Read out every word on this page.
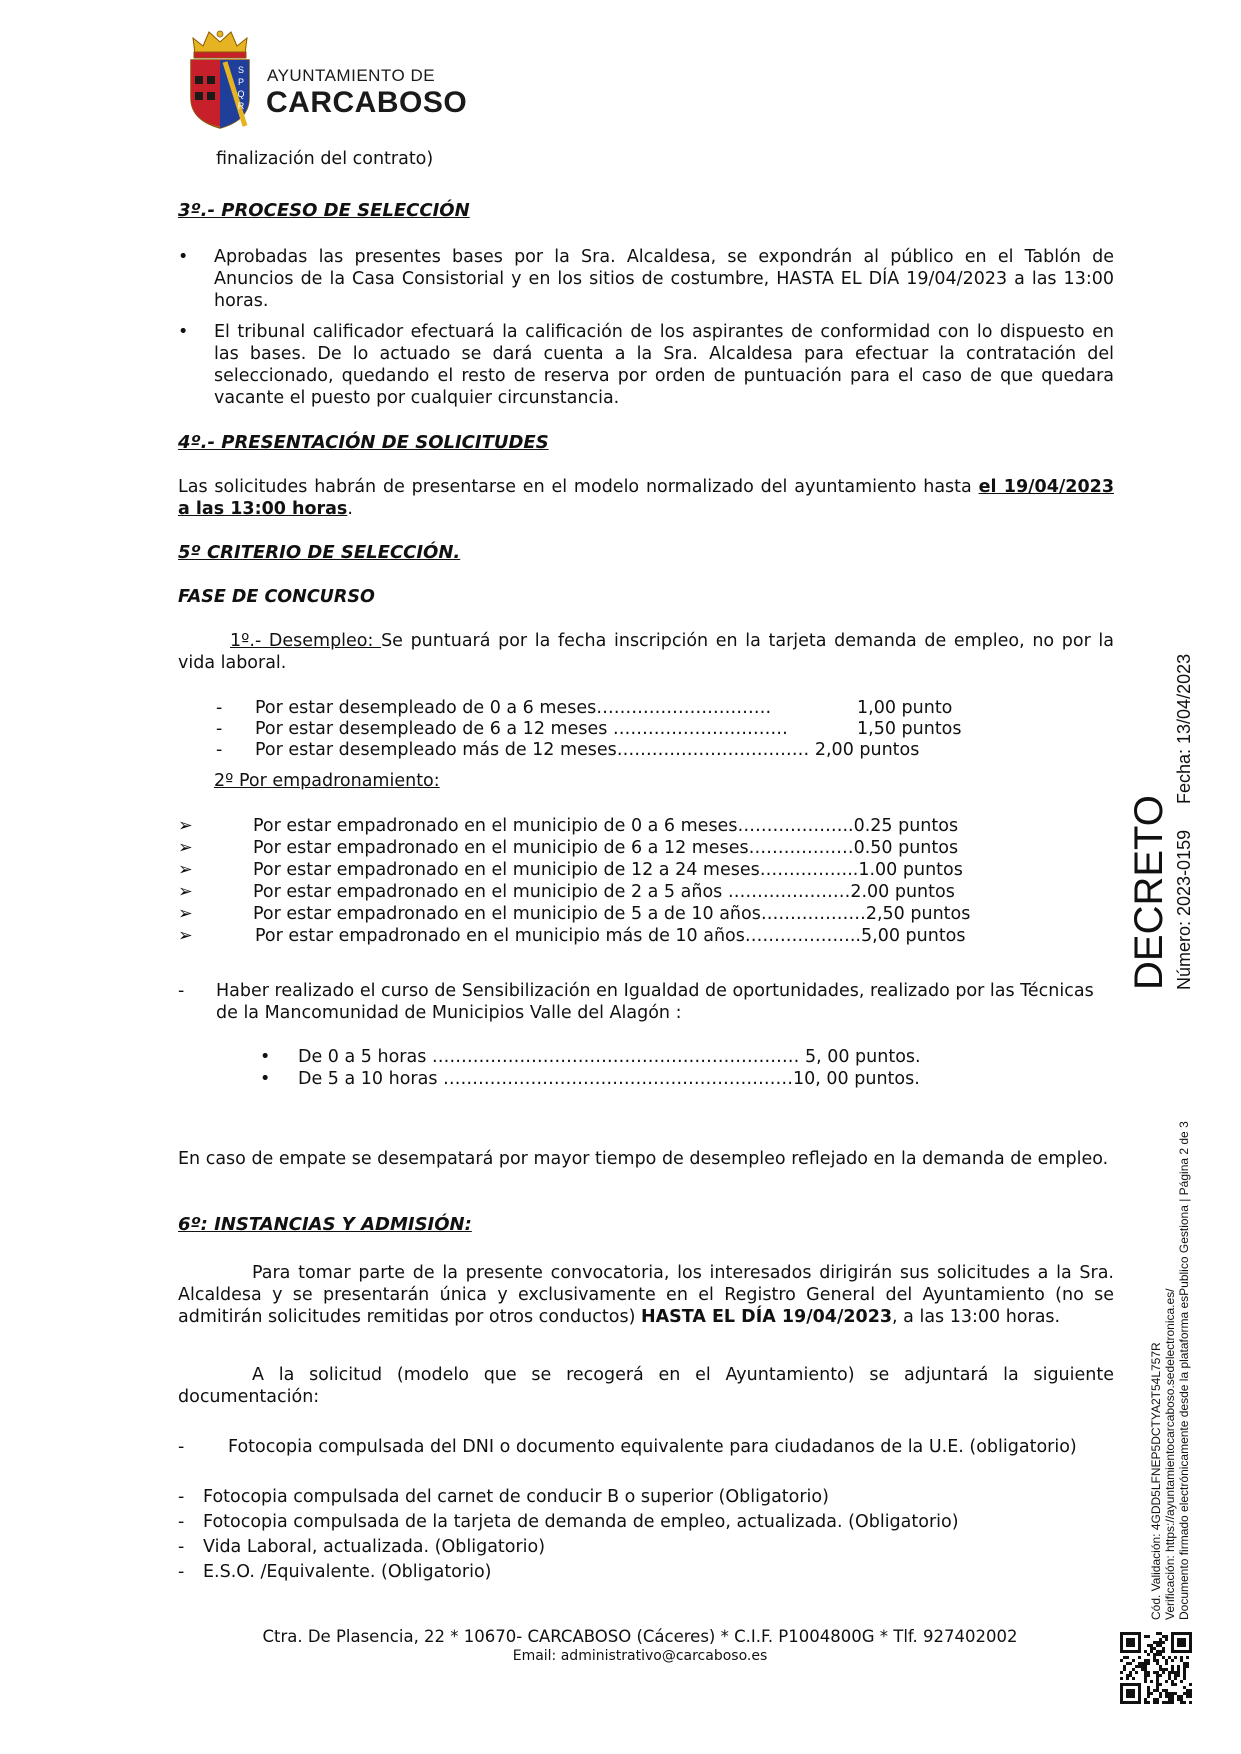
S
P
Q
R
AYUNTAMIENTO DE
CARCABOSO
finalización del contrato)
3º.- PROCESO DE SELECCIÓN
• Aprobadas las presentes bases por la Sra. Alcaldesa, se expondrán al público en el Tablón de Anuncios de la Casa Consistorial y en los sitios de costumbre, HASTA EL DÍA 19/04/2023 a las 13:00 horas.
• El tribunal calificador efectuará la calificación de los aspirantes de conformidad con lo dispuesto en las bases. De lo actuado se dará cuenta a la Sra. Alcaldesa para efectuar la contratación del seleccionado, quedando el resto de reserva por orden de puntuación para el caso de que quedara vacante el puesto por cualquier circunstancia.
4º.- PRESENTACIÓN DE SOLICITUDES
Las solicitudes habrán de presentarse en el modelo normalizado del ayuntamiento hasta el 19/04/2023 a las 13:00 horas.
5º CRITERIO DE SELECCIÓN.
FASE DE CONCURSO
1º.- Desempleo: Se puntuará por la fecha inscripción en la tarjeta demanda de empleo, no por la vida laboral.
- Por estar desempleado de 0 a 6 meses…………………………	1,00 punto
- Por estar desempleado de 6 a 12 meses …………………………	1,50 puntos
- Por estar desempleado más de 12 meses…………………………… 2,00 puntos
2º Por empadronamiento:
➢	Por estar empadronado en el municipio de 0 a 6 meses………………..0.25 puntos
➢	Por estar empadronado en el municipio de 6 a 12 meses………………0.50 puntos
➢	Por estar empadronado en el municipio de 12 a 24 meses……………..1.00 puntos
➢	Por estar empadronado en el municipio de 2 a 5 años …………………2.00 puntos
➢	Por estar empadronado en el municipio de 5 a de 10 años………………2,50 puntos
➢	Por estar empadronado en el municipio más de 10 años………………..5,00 puntos
- Haber realizado el curso de Sensibilización en Igualdad de oportunidades, realizado por las Técnicas de la Mancomunidad de Municipios Valle del Alagón :
• De 0 a 5 horas ……………………………………………………… 5, 00 puntos.
• De 5 a 10 horas ……………………………………………………10, 00 puntos.
En caso de empate se desempatará por mayor tiempo de desempleo reflejado en la demanda de empleo.
6º: INSTANCIAS Y ADMISIÓN:
Para tomar parte de la presente convocatoria, los interesados dirigirán sus solicitudes a la Sra. Alcaldesa y se presentarán única y exclusivamente en el Registro General del Ayuntamiento (no se admitirán solicitudes remitidas por otros conductos) HASTA EL DÍA 19/04/2023, a las 13:00 horas.
A la solicitud (modelo que se recogerá en el Ayuntamiento) se adjuntará la siguiente documentación:
-	Fotocopia compulsada del DNI o documento equivalente para ciudadanos de la U.E. (obligatorio)
- Fotocopia compulsada del carnet de conducir B o superior (Obligatorio)
- Fotocopia compulsada de la tarjeta de demanda de empleo, actualizada. (Obligatorio)
- Vida Laboral, actualizada. (Obligatorio)
- E.S.O. /Equivalente. (Obligatorio)
Ctra. De Plasencia, 22 * 10670- CARCABOSO (Cáceres) * C.I.F. P1004800G * Tlf. 927402002
Email: administrativo@carcaboso.es
DECRETO Número: 2023-0159
Fecha: 13/04/2023
Cód. Validación: 4GDD5LFNEP5DCTYA2T54L757R Verificación: https://ayuntamientocarcaboso.sedelectronica.es/ Documento firmado electrónicamente desde la plataforma esPublico Gestiona | Página 2 de 3
